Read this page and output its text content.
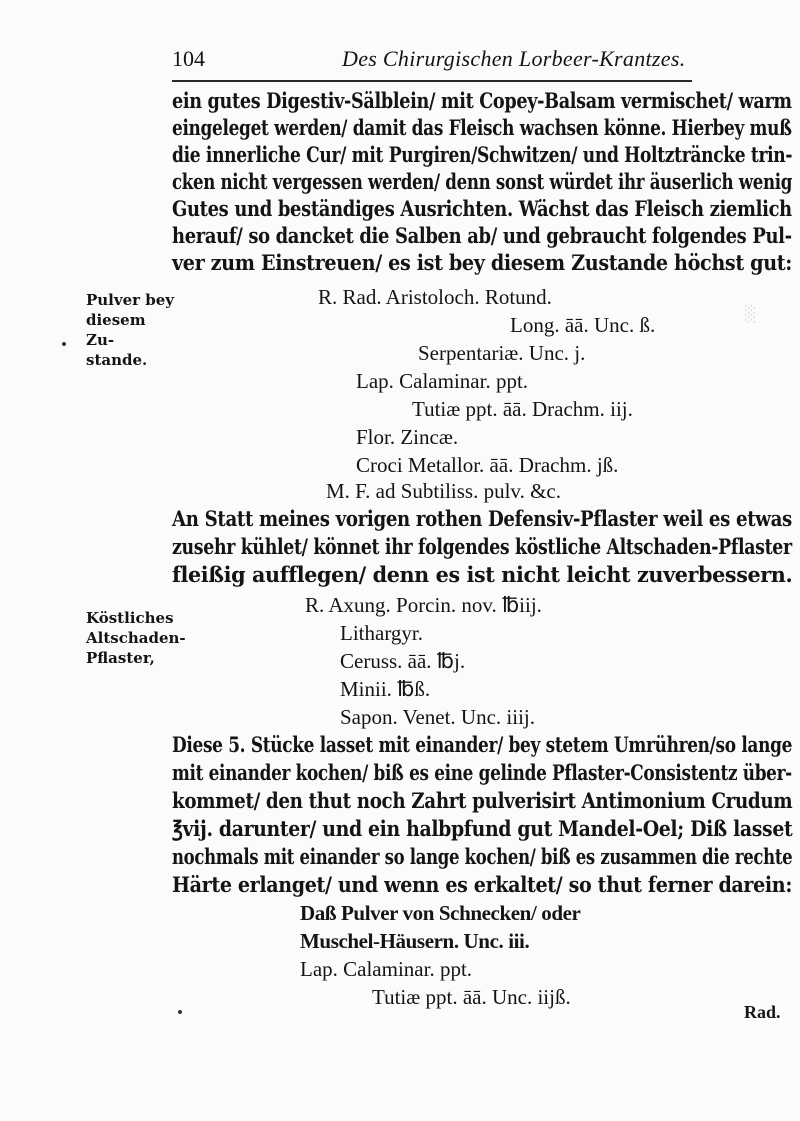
░
104	Des Chirurgischen Lorbeer-Krantzes.
Pulver bey
diesem Zu-
stande.
Köstliches
Altschaden-
Pflaster,
ein gutes Digestiv-Sälblein/ mit Copey-Balsam vermischet/ warm
eingeleget werden/ damit das Fleisch wachsen könne. Hierbey muß
die innerliche Cur/ mit Purgiren/Schwitzen/ und Holtzträncke trin-
cken nicht vergessen werden/ denn sonst würdet ihr äuserlich wenig
Gutes und beständiges Ausrichten. Wächst das Fleisch ziemlich
herauf/ so dancket die Salben ab/ und gebraucht folgendes Pul-
ver zum Einstreuen/ es ist bey diesem Zustande höchst gut:
R. Rad. Aristoloch. Rotund.
Long. āā. Unc. ß.
Serpentariæ. Unc. j.
Lap. Calaminar. ppt.
Tutiæ ppt. āā. Drachm. iij.
Flor. Zincæ.
Croci Metallor. āā. Drachm. jß.
M. F. ad Subtiliss. pulv. &c.
An Statt meines vorigen rothen Defensiv-Pflaster weil es etwas
zusehr kühlet/ könnet ihr folgendes köstliche Altschaden-Pflaster
fleißig aufflegen/ denn es ist nicht leicht zuverbessern.
R. Axung. Porcin. nov. ℔iij.
Lithargyr.
Ceruss. āā. ℔j.
Minii. ℔ß.
Sapon. Venet. Unc. iiij.
Diese 5. Stücke lasset mit einander/ bey stetem Umrühren/so lange
mit einander kochen/ biß es eine gelinde Pflaster-Consistentz über-
kommet/ den thut noch Zahrt pulverisirt Antimonium Crudum
℥vij. darunter/ und ein halbpfund gut Mandel-Oel; Diß lasset
nochmals mit einander so lange kochen/ biß es zusammen die rechte
Härte erlanget/ und wenn es erkaltet/ so thut ferner darein:
Daß Pulver von Schnecken/ oder
Muschel-Häusern. Unc. iii.
Lap. Calaminar. ppt.
Tutiæ ppt. āā. Unc. iijß.
Rad.
